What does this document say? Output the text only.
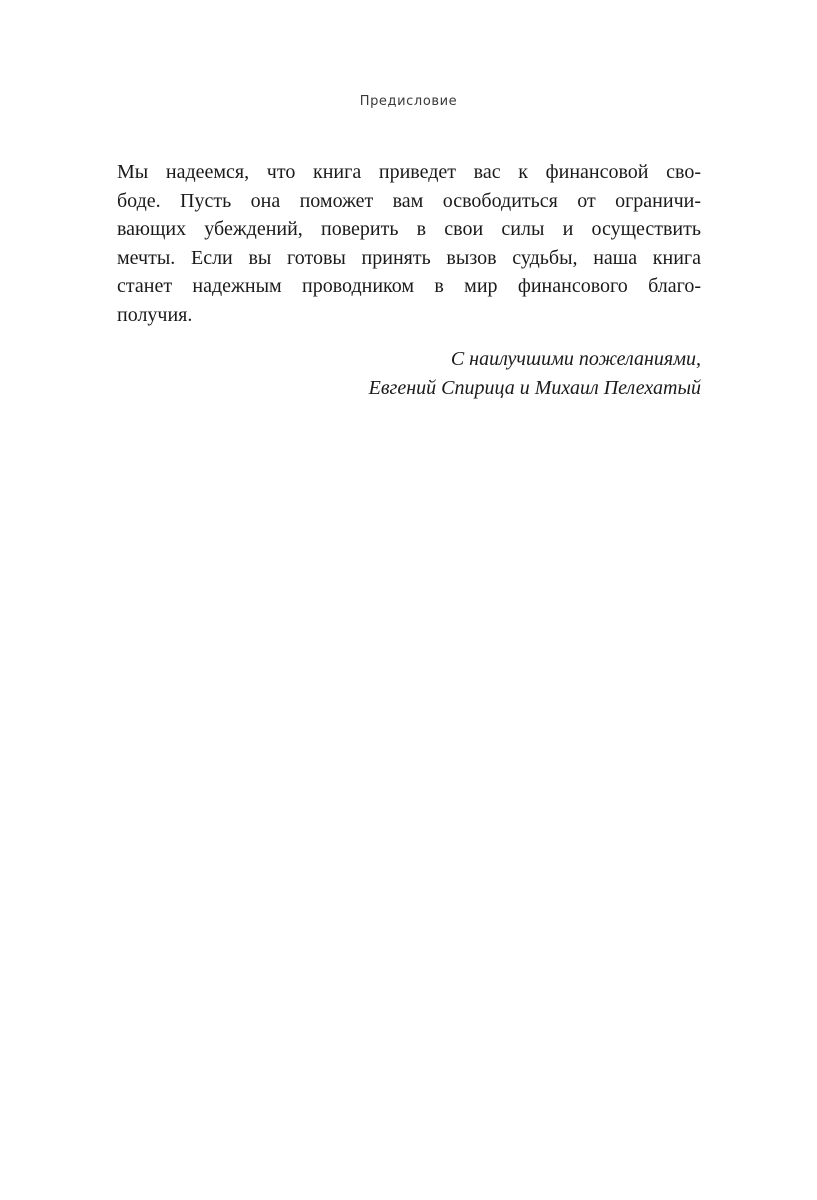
Предисловие
Мы надеемся, что книга приведет вас к финансовой сво-
боде. Пусть она поможет вам освободиться от ограничи-
вающих убеждений, поверить в свои силы и осуществить
мечты. Если вы готовы принять вызов судьбы, наша книга
станет надежным проводником в мир финансового благо-
получия.
С наилучшими пожеланиями,
Евгений Спирица и Михаил Пелехатый
